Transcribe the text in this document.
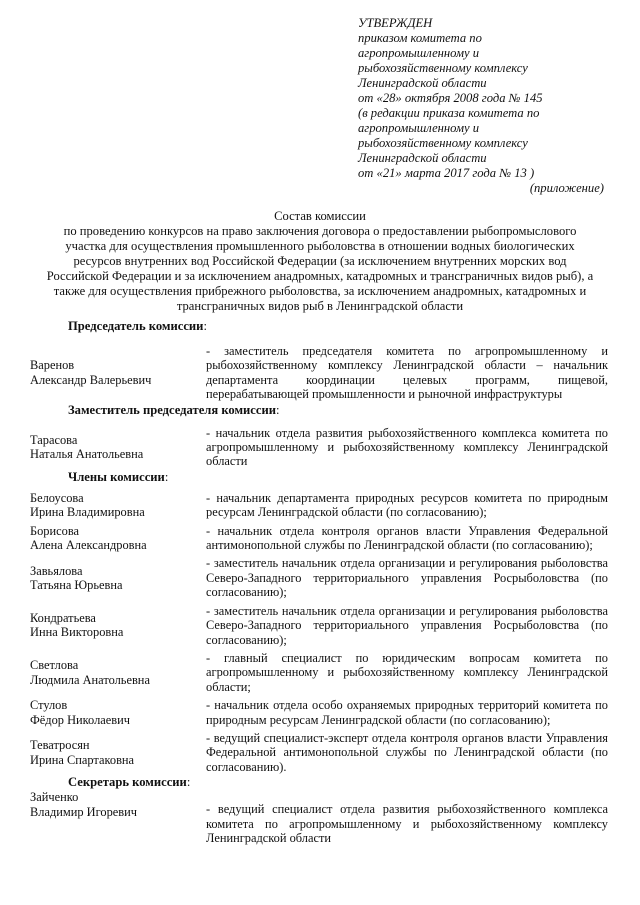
УТВЕРЖДЕН
приказом комитета по
агропромышленному и
рыбохозяйственному комплексу
Ленинградской области
от «28» октября 2008 года № 145
(в редакции приказа комитета по
агропромышленному и
рыбохозяйственному комплексу
Ленинградской области
от «21» марта 2017 года № 13 )
(приложение)
Состав комиссии
по проведению конкурсов на право заключения договора о предоставлении рыбопромыслового
участка для осуществления промышленного рыболовства в отношении водных биологических
ресурсов внутренних вод Российской Федерации (за исключением внутренних морских вод
Российской Федерации и за исключением анадромных, катадромных и трансграничных видов рыб), а
также для осуществления прибрежного рыболовства, за исключением анадромных, катадромных и
трансграничных видов рыб в Ленинградской области
Председатель комиссии:
Варенов
Александр Валерьевич
- заместитель председателя комитета по агропромышленному и рыбохозяйственному комплексу Ленинградской области – начальник департамента координации целевых программ, пищевой, перерабатывающей промышленности и рыночной инфраструктуры
Заместитель председателя комиссии:
Тарасова
Наталья Анатольевна
- начальник отдела развития рыбохозяйственного комплекса комитета по агропромышленному и рыбохозяйственному комплексу Ленинградской области
Члены комиссии:
Белоусова
Ирина Владимировна
- начальник департамента природных ресурсов комитета по природным ресурсам Ленинградской области (по согласованию);
Борисова
Алена Александровна
- начальник отдела контроля органов власти Управления Федеральной антимонопольной службы по Ленинградской области (по согласованию);
Завьялова
Татьяна Юрьевна
- заместитель начальник отдела организации и регулирования рыболовства Северо-Западного территориального управления Росрыболовства (по согласованию);
Кондратьева
Инна Викторовна
- заместитель начальник отдела организации и регулирования рыболовства Северо-Западного территориального управления Росрыболовства (по согласованию);
Светлова
Людмила Анатольевна
- главный специалист по юридическим вопросам комитета по агропромышленному и рыбохозяйственному комплексу Ленинградской области;
Стулов
Фёдор Николаевич
- начальник отдела особо охраняемых природных территорий комитета по природным ресурсам Ленинградской области (по согласованию);
Теватросян
Ирина Спартаковна
- ведущий специалист-эксперт отдела контроля органов власти Управления Федеральной антимонопольной службы по Ленинградской области (по согласованию).
Секретарь комиссии:
Зайченко
Владимир Игоревич	- ведущий специалист отдела развития рыбохозяйственного комплекса комитета по агропромышленному и рыбохозяйственному комплексу Ленинградской области
